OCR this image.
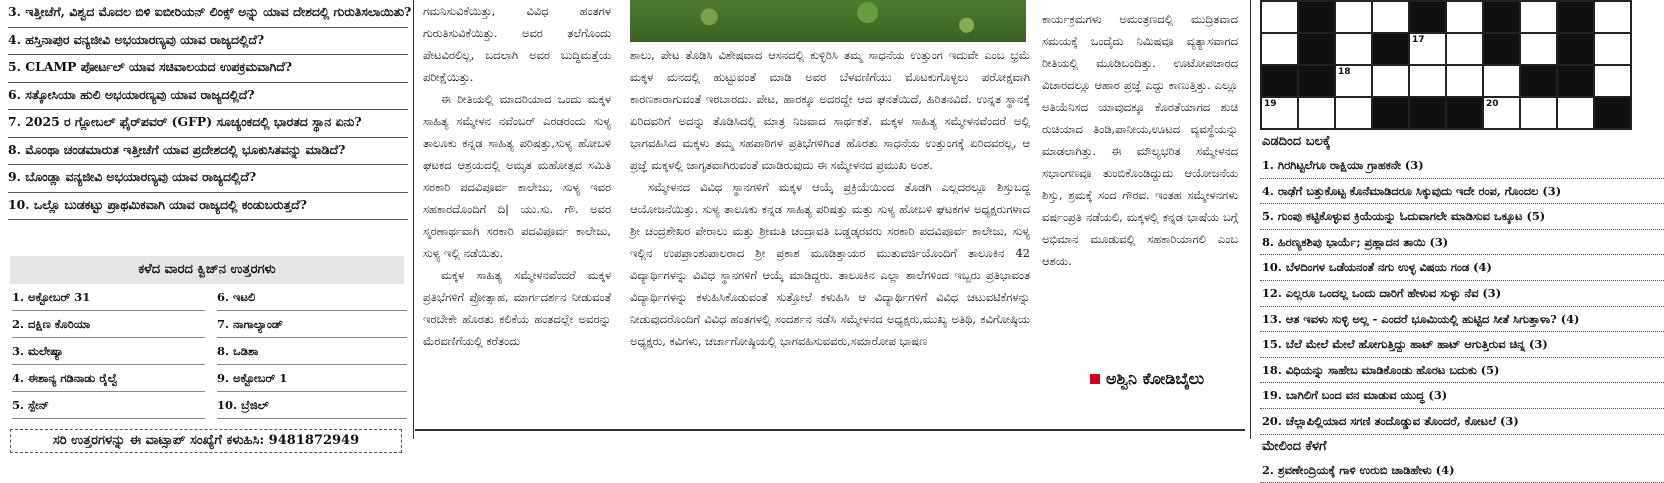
3. ಇತ್ತೀಚೆಗೆ, ವಿಶ್ವದ ಮೊದಲ ಬಿಳಿ ಐಬೀರಿಯನ್ ಲಿಂಕ್ಸ್ ಅನ್ನು ಯಾವ ದೇಶದಲ್ಲಿ ಗುರುತಿಸಲಾಯಿತು?
4. ಹಸ್ತಿನಾಪುರ ವನ್ಯಜೀವಿ ಅಭಯಾರಣ್ಯವು ಯಾವ ರಾಜ್ಯದಲ್ಲಿದೆ?
5. CLAMP ಪೋರ್ಟಲ್ ಯಾವ ಸಚಿವಾಲಯದ ಉಪಕ್ರಮವಾಗಿದೆ?
6. ಸತ್ಕೋಸಿಯಾ ಹುಲಿ ಅಭಯಾರಣ್ಯವು ಯಾವ ರಾಜ್ಯದಲ್ಲಿದೆ?
7. 2025 ರ ಗ್ಲೋಬಲ್ ಫೈರ್‌ಪವರ್ (GFP) ಸೂಚ್ಯಂಕದಲ್ಲಿ ಭಾರತದ ಸ್ಥಾನ ಏನು?
8. ಮೊಂಥಾ ಚಂಡಮಾರುತ ಇತ್ತೀಚೆಗೆ ಯಾವ ಪ್ರದೇಶದಲ್ಲಿ ಭೂಕುಸಿತವನ್ನು ಮಾಡಿದೆ?
9. ಬೊಂಡ್ಲಾ ವನ್ಯಜೀವಿ ಅಭಯಾರಣ್ಯವು ಯಾವ ರಾಜ್ಯದಲ್ಲಿದೆ?
10. ಒಲ್ಲೊ ಬುಡಕಟ್ಟು ಪ್ರಾಥಮಿಕವಾಗಿ ಯಾವ ರಾಜ್ಯದಲ್ಲಿ ಕಂಡುಬರುತ್ತದೆ?
ಕಳೆದ ವಾರದ ಕ್ವಿಜ್‌ನ ಉತ್ತರಗಳು
1. ಅಕ್ಟೋಬರ್ 31	6. ಇಟಲಿ
2. ದಕ್ಷಿಣ ಕೊರಿಯಾ	7. ನಾಗಾಲ್ಯಾಂಡ್
3. ಮಲೇಷ್ಯಾ	8. ಒಡಿಶಾ
4. ಈಶಾನ್ಯ ಗಡಿನಾಡು ರೈಲ್ವೆ	9. ಅಕ್ಟೋಬರ್ 1
5. ಸ್ಪೇನ್	10. ಬ್ರೆಜಿಲ್
ಸರಿ ಉತ್ತರಗಳನ್ನು ಈ ವಾಟ್ಸಾಪ್ ಸಂಖ್ಯೆಗೆ ಕಳುಹಿಸಿ: 9481872949

ಗಮನಿಸುವಿಕೆಯಿತ್ತು, ವಿವಿಧ ಹಂತಗಳ ಗುರುತಿಸುವಿಕೆಯಿತ್ತು. ಅವರ ತಲೆಗೊಂದು ಪೇಟವಿರಲಿಲ್ಲ, ಬದಲಾಗಿ ಅವರ ಬುದ್ಧಿಮತ್ತೆಯ ಪರೀಕ್ಷೆಯಿತ್ತು.

ಈ ರೀತಿಯಲ್ಲಿ ಮಾದರಿಯಾದ ಒಂದು ಮಕ್ಕಳ ಸಾಹಿತ್ಯ ಸಮ್ಮೇಳನ ನವೆಂಬರ್ ಎರಡರಂದು ಸುಳ್ಯ ತಾಲೂಕು ಕನ್ನಡ ಸಾಹಿತ್ಯ ಪರಿಷತ್ತು,ಸುಳ್ಯ ಹೋಬಳಿ ಘಟಕದ ಆಶ್ರಯದಲ್ಲಿ ಅಮೃತ ಮಹೋತ್ಸವ ಸಮಿತಿ ಸರಕಾರಿ ಪದವಿಪೂರ್ವ ಕಾಲೇಜು, ಸುಳ್ಯ ಇವರ ಸಹಕಾರದೊಂದಿಗೆ ದಿ| ಯು.ಸು. ಗೌ. ಅವರ ಸ್ಮರಣಾರ್ಥವಾಗಿ ಸರಕಾರಿ ಪದವಿಪೂರ್ವ ಕಾಲೇಜು, ಸುಳ್ಯ ಇಲ್ಲಿ ನಡೆಯಿತು.

ಮಕ್ಕಳ ಸಾಹಿತ್ಯ ಸಮ್ಮೇಳನವೆಂದರೆ ಮಕ್ಕಳ ಪ್ರತಿಭೆಗಳಿಗೆ ಪ್ರೋತ್ಸಾಹ, ಮಾರ್ಗದರ್ಶನ ನೀಡುವಂತೆ ಇರಬೇಕೇ ಹೊರತು ಕಲಿಕೆಯ ಹಂತದಲ್ಲೇ ಅವರನ್ನು ಮೆರವಣಿಗೆಯಲ್ಲಿ ಕರೆತಂದು

ಶಾಲು, ಪೇಟ ತೊಡಿಸಿ ವಿಶೇಷವಾದ ಆಸನದಲ್ಲಿ ಕುಳ್ಳಿರಿಸಿ ತಮ್ಮ ಸಾಧನೆಯ ಉತ್ತುಂಗ ಇದುವೇ ಎಂಬ ಭ್ರಮೆ ಮಕ್ಕಳ ಮನದಲ್ಲಿ ಹುಟ್ಟುವಂತೆ ಮಾಡಿ ಅವರ ಬೆಳವಣಿಗೆಯು ಮೊಟಕುಗೊಳ್ಳಲು ಪರೋಕ್ಷವಾಗಿ ಕಾರಣಕಾರಾಗುವಂತೆ ಇರಬಾರದು. ಪೇಟ, ಹಾರಕ್ಕೂ ಅದರದ್ದೇ ಆದ ಘನತೆಯಿದೆ, ಹಿರಿತನವಿದೆ. ಉನ್ನತ ಸ್ಥಾನಕ್ಕೆ ಏರಿದವರಿಗೆ ಅದನ್ನು ತೊಡಿಸಿದಲ್ಲಿ ಮಾತ್ರ ನಿಜವಾದ ಸಾರ್ಥಕತೆ. ಮಕ್ಕಳ ಸಾಹಿತ್ಯ ಸಮ್ಮೇಳನವೆಂದರೆ ಅಲ್ಲಿ ಭಾಗವಹಿಸಿದ ಮಕ್ಕಳು ತಮ್ಮ ಸಹಪಾಠಿಗಳ ಪ್ರತಿಭೆಗಳಿಗಿಂತ ಹೊರತು ಸಾಧನೆಯ ಉತ್ತುಂಗಕ್ಕೆ ಏರಿದವರಲ್ಲ, ಆ ಪ್ರಜ್ಞೆ ಮಕ್ಕಳಲ್ಲಿ ಜಾಗೃತವಾಗಿರುವಂತೆ ಮಾಡಿರುವುದು ಈ ಸಮ್ಮೇಳನದ ಪ್ರಮುಖ ಅಂಶ.

ಸಮ್ಮೇಳನದ ವಿವಿಧ ಸ್ಥಾನಗಳಿಗೆ ಮಕ್ಕಳ ಆಯ್ಕೆ ಪ್ರಕ್ರಿಯೆಯಿಂದ ತೊಡಗಿ ಎಲ್ಲದರಲ್ಲೂ ಶಿಸ್ತುಬದ್ಧ ಆಯೋಜನೆಯಿತ್ತು. ಸುಳ್ಯ ತಾಲೂಕು ಕನ್ನಡ ಸಾಹಿತ್ಯ ಪರಿಷತ್ತು ಮತ್ತು ಸುಳ್ಯ ಹೋಬಳಿ ಘಟಕಗಳ ಅಧ್ಯಕ್ಷರುಗಳಾದ ಶ್ರೀ ಚಂದ್ರಶೇಖರ ಪೇರಾಲು ಮತ್ತು ಶ್ರೀಮತಿ ಚಂದ್ರಾವತಿ ಬಡ್ಡಡ್ಕರವರು ಸರಕಾರಿ ಪದವಿಪೂರ್ವ ಕಾಲೇಜು, ಸುಳ್ಯ ಇಲ್ಲಿನ ಉಪಪ್ರಾಂಶುಪಾಲರಾದ ಶ್ರೀ ಪ್ರಕಾಶ ಮೂಡಿತ್ತಾಯರ ಮುತುವರ್ಜಿಯೊಂದಿಗೆ ತಾಲೂಕಿನ 42 ವಿದ್ಯಾರ್ಥಿಗಳನ್ನು ವಿವಿಧ ಸ್ಥಾನಗಳಿಗೆ ಆಯ್ಕೆ ಮಾಡಿದ್ದರು. ತಾಲೂಕಿನ ಎಲ್ಲಾ ಶಾಲೆಗಳಿಂದ ಇಬ್ಬರು ಪ್ರತಿಭಾವಂತ ವಿದ್ಯಾರ್ಥಿಗಳನ್ನು ಕಳುಹಿಸಿಕೊಡುವಂತೆ ಸುತ್ತೋಲೆ ಕಳುಹಿಸಿ ಆ ವಿದ್ಯಾರ್ಥಿಗಳಿಗೆ ವಿವಿಧ ಚಟುವಟಿಕೆಗಳನ್ನು ನೀಡುವುದರೊಂದಿಗೆ ವಿವಿಧ ಹಂತಗಳಲ್ಲಿ ಸಂದರ್ಶನ ನಡೆಸಿ ಸಮ್ಮೇಳನದ ಅಧ್ಯಕ್ಷರು,ಮುಖ್ಯ ಅತಿಥಿ, ಕವಿಗೋಷ್ಠಿಯ ಅಧ್ಯಕ್ಷರು, ಕವಿಗಳು, ಚರ್ಚಾಗೋಷ್ಠಿಯಲ್ಲಿ ಭಾಗವಹಿಸುವವರು,ಸಮಾರೋಪ ಭಾಷಣ

ಕಾರ್ಯಕ್ರಮಗಳು ಅಮಂತ್ರಣದಲ್ಲಿ ಮುದ್ರಿತವಾದ ಸಮಯಕ್ಕೆ ಒಂದೈದು ನಿಮಿಷವೂ ವ್ಯತ್ಯಾಸವಾಗದ ರೀತಿಯಲ್ಲಿ ಮೂಡಿಬಂದಿತ್ತು. ಊಟೋಪಚಾರದ ವಿಚಾರದಲ್ಲೂ ಆಹಾರ ಪ್ರಜ್ಞೆ ಎದ್ದು ಕಾಣುತ್ತಿತ್ತು. ಎಲ್ಲೂ ಅತಿಯೆನಿಸದ ಯಾವುದಕ್ಕೂ ಕೊರತೆಯಾಗದ ಶುಚಿ ರುಚಿಯಾದ ತಿಂಡಿ,ಪಾನೀಯ,ಊಟದ ವ್ಯವಸ್ಥೆಯನ್ನು ಮಾಡಲಾಗಿತ್ತು. ಈ ಮೌಲ್ಯಭರಿತ ಸಮ್ಮೇಳನದ ಸಭಾಂಗಣವೂ ತುಂಬಿಕೊಂಡಿದ್ದುದು ಆಯೋಜನೆಯ ಶಿಸ್ತು, ಶ್ರಮಕ್ಕೆ ಸಂದ ಗೌರವ. ಇಂತಹ ಸಮ್ಮೇಳನಗಳು ವರ್ಷಂಪ್ರತಿ ನಡೆಯಲಿ, ಮಕ್ಕಳಲ್ಲಿ ಕನ್ನಡ ಭಾಷೆಯ ಬಗ್ಗೆ ಅಭಿಮಾನ ಮೂಡುವಲ್ಲಿ ಸಹಕಾರಿಯಾಗಲಿ ಎಂಬ ಆಶಯ.

ಅಶ್ವಿನಿ ಕೋಡಿಬೈಲು
17
18
19	20
ಎಡದಿಂದ ಬಲಕ್ಕೆ
1. ಗಿರಗಿಟ್ಟಲೆಗೂ ರಾಕ್ಷಿಯಾ ಗ್ರಾಹಕನೇ (3)
4. ರಾಢೆಗೆ ಬತ್ತುಕೊಟ್ಟ ಕೊನೆಮಾಡಿದರೂ ಸಿಕ್ಕುವುದು ಇದೇ ರಂಪ, ಗೊಂದಲ (3)
5. ಗುಂಪು ಕಟ್ಟಿಕೊಳ್ಳುವ ಕ್ರಿಯೆಯನ್ನು ಓದುವಾಗಲೇ ಮಾಡಿಸುವ ಒಕ್ಕೂಟ (5)
8. ಹಿರಣ್ಯಕಶಿಪು ಭಾರ್ಯೆ; ಪ್ರಹ್ಲಾದನ ತಾಯಿ (3)
10. ಬೆಳದಿಂಗಳ ಒಡೆಯನಂತೆ ನಗು ಉಳ್ಳ ವಿಷಯ ಗಂಡ (4)
12. ಎಲ್ಲರೂ ಒಂದಲ್ಲ ಒಂದು ದಾರಿಗೆ ಹೇಳುವ ಸುಳ್ಳು ನೆವ (3)
13. ಆತ ಇವಳು ಸುಳ್ಳಿ ಅಲ್ಲ - ಎಂದರೆ ಭೂಮಿಯಲ್ಲಿ ಹುಟ್ಟಿದ ಸೀತೆ ಸಿಗುತ್ತಾಳಾ? (4)
15. ಬೆಲೆ ಮೇಲೆ ಮೇಲೆ ಹೋಗುತ್ತಿದ್ದು ಹಾಟ್ ಹಾಟ್ ಆಗುತ್ತಿರುವ ಚಿನ್ನ (3)
18. ವಿಧಿಯನ್ನು ಸಾಹೇಬ ಮಾಡಿಕೊಂಡು ಹೊರಟ ಬದುಕು (5)
19. ಬಾಗಿಲಿಗೆ ಬಂದ ವನ ಮಾಡುವ ಯುದ್ಧ (3)
20. ಚೆಲ್ಲಾಪಿಲ್ಲಿಯಾದ ಸಗಣಿ ತಂದೊಡ್ಡುವ ತೊಂದರೆ, ಕೋಟಲೆ (3)
ಮೇಲಿಂದ ಕೆಳಗೆ
2. ಶ್ರವಣೇಂದ್ರಿಯಕ್ಕೆ ಗಾಳಿ ಉರುಬಿ ಚಾಡಿಹೇಳು (4)
